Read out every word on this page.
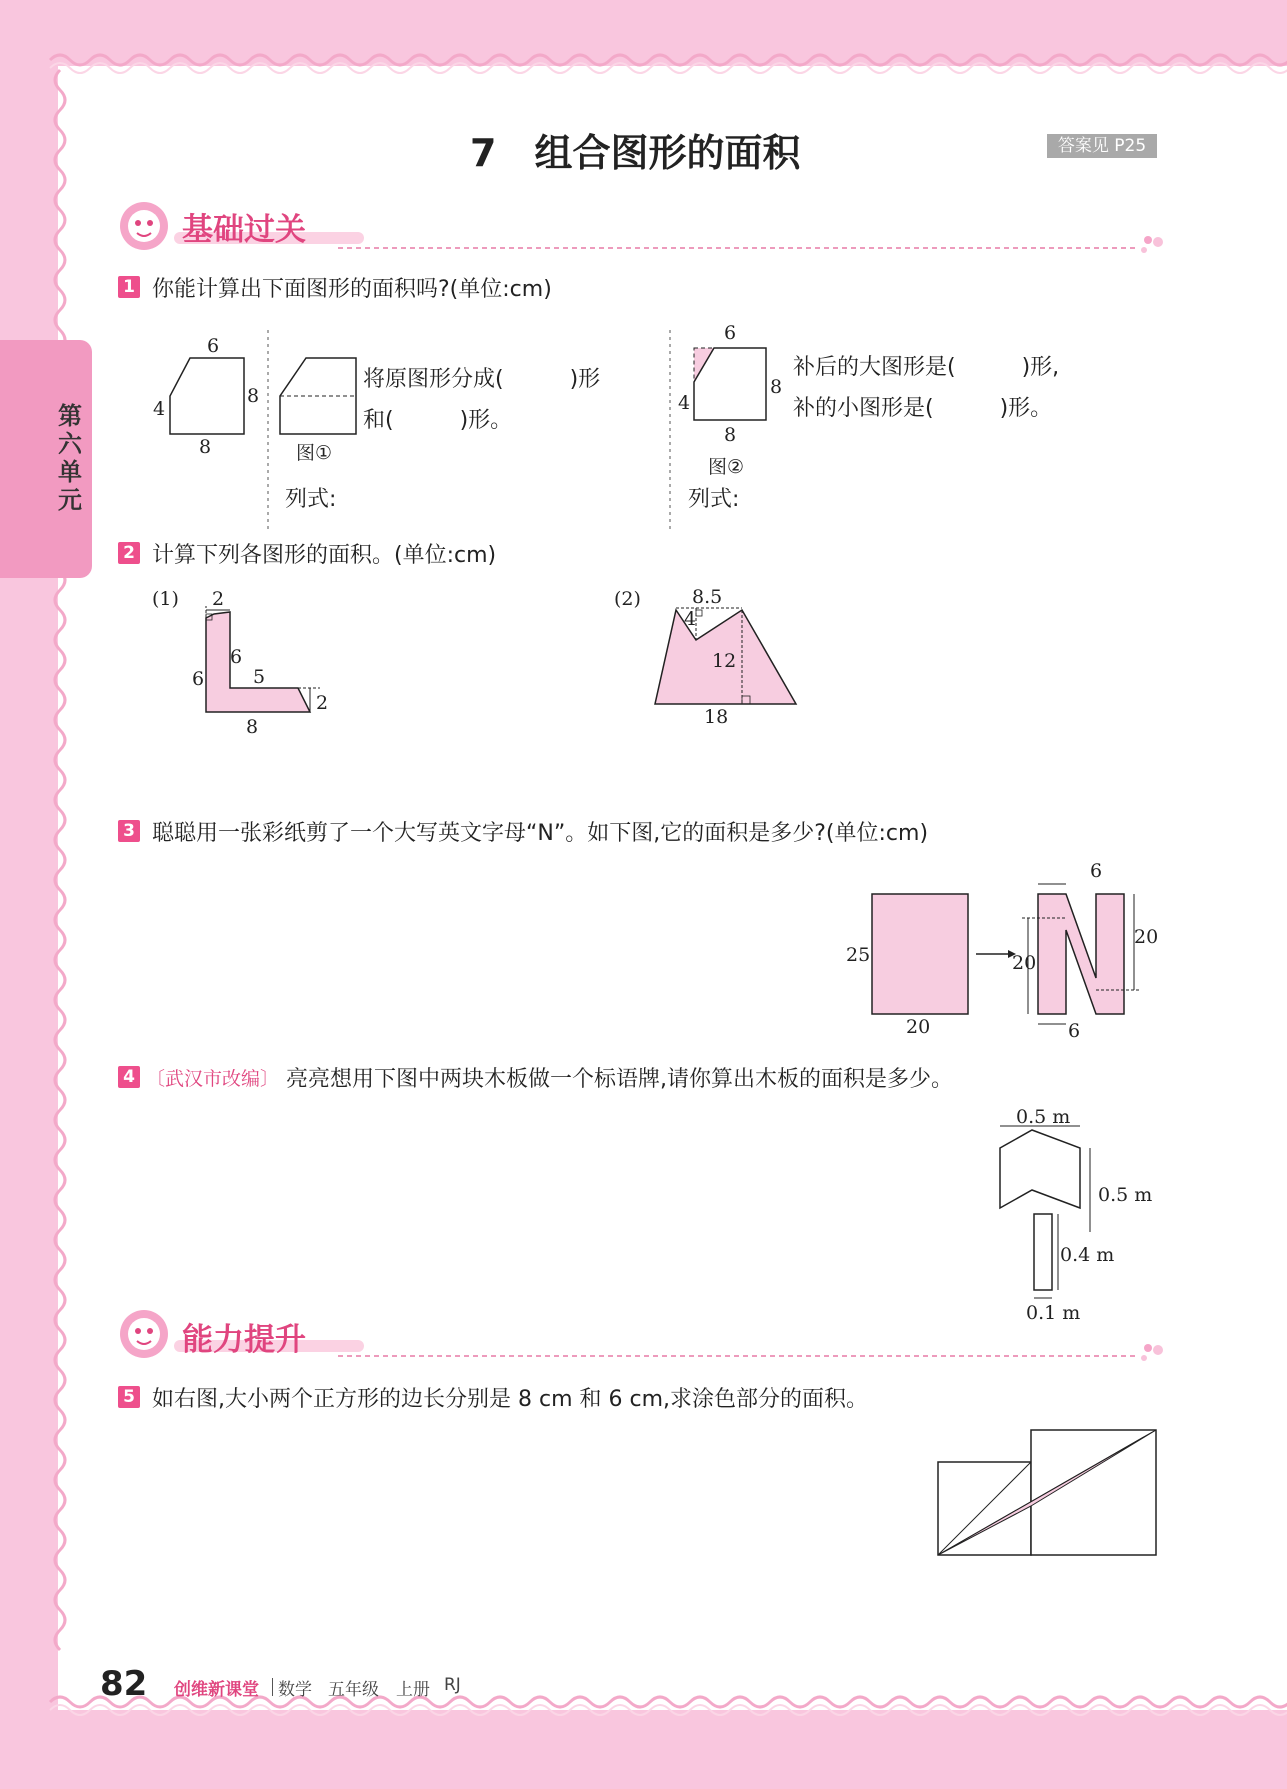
第六单元
7　组合图形的面积	答案见 P25
基础过关
1 你能计算出下面图形的面积吗?(单位:cm)
6
4
8
8	图①
将原图形分成(　　　)形
和(　　　)形。
列式:
6
4
8
8
图②
补后的大图形是(　　　)形,
补的小图形是(　　　)形。
列式:
2 计算下列各图形的面积。(单位:cm)
(1) 2
6
6	5
2
8
(2)	8.5
4
12
18
3 聪聪用一张彩纸剪了一个大写英文字母“N”。如下图,它的面积是多少?(单位:cm)
25
20
6
20
20
6
4 〔武汉市改编〕 亮亮想用下图中两块木板做一个标语牌,请你算出木板的面积是多少。
0.5 m
0.5 m
0.4 m
0.1 m
能力提升
5 如右图,大小两个正方形的边长分别是 8 cm 和 6 cm,求涂色部分的面积。
82 创维新课堂 数学 五年级 上册 RJ
